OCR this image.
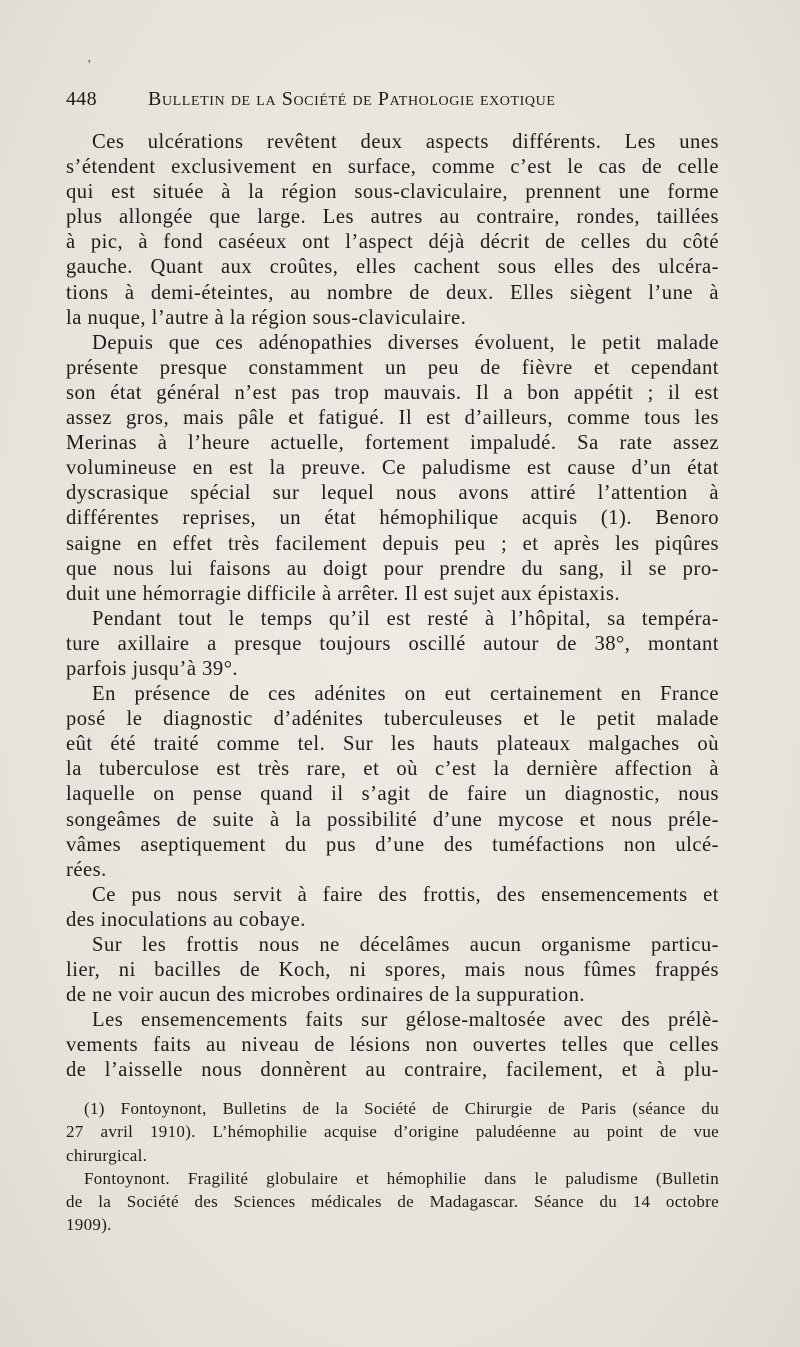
'
448	Bulletin de la Société de Pathologie exotique
Ces ulcérations revêtent deux aspects différents. Les unes
s’étendent exclusivement en surface, comme c’est le cas de celle
qui est située à la région sous-claviculaire, prennent une forme
plus allongée que large. Les autres au contraire, rondes, taillées
à pic, à fond caséeux ont l’aspect déjà décrit de celles du côté
gauche. Quant aux croûtes, elles cachent sous elles des ulcéra-
tions à demi-éteintes, au nombre de deux. Elles siègent l’une à
la nuque, l’autre à la région sous-claviculaire.
Depuis que ces adénopathies diverses évoluent, le petit malade
présente presque constamment un peu de fièvre et cependant
son état général n’est pas trop mauvais. Il a bon appétit ; il est
assez gros, mais pâle et fatigué. Il est d’ailleurs, comme tous les
Merinas à l’heure actuelle, fortement impaludé. Sa rate assez
volumineuse en est la preuve. Ce paludisme est cause d’un état
dyscrasique spécial sur lequel nous avons attiré l’attention à
différentes reprises, un état hémophilique acquis (1). Benoro
saigne en effet très facilement depuis peu ; et après les piqûres
que nous lui faisons au doigt pour prendre du sang, il se pro-
duit une hémorragie difficile à arrêter. Il est sujet aux épistaxis.
Pendant tout le temps qu’il est resté à l’hôpital, sa tempéra-
ture axillaire a presque toujours oscillé autour de 38°, montant
parfois jusqu’à 39°.
En présence de ces adénites on eut certainement en France
posé le diagnostic d’adénites tuberculeuses et le petit malade
eût été traité comme tel. Sur les hauts plateaux malgaches où
la tuberculose est très rare, et où c’est la dernière affection à
laquelle on pense quand il s’agit de faire un diagnostic, nous
songeâmes de suite à la possibilité d’une mycose et nous préle-
vâmes aseptiquement du pus d’une des tuméfactions non ulcé-
rées.
Ce pus nous servit à faire des frottis, des ensemencements et
des inoculations au cobaye.
Sur les frottis nous ne décelâmes aucun organisme particu-
lier, ni bacilles de Koch, ni spores, mais nous fûmes frappés
de ne voir aucun des microbes ordinaires de la suppuration.
Les ensemencements faits sur gélose-maltosée avec des prélè-
vements faits au niveau de lésions non ouvertes telles que celles
de l’aisselle nous donnèrent au contraire, facilement, et à plu-
(1) Fontoynont, Bulletins de la Société de Chirurgie de Paris (séance du
27 avril 1910). L’hémophilie acquise d’origine paludéenne au point de vue
chirurgical.
Fontoynont. Fragilité globulaire et hémophilie dans le paludisme (Bulletin
de la Société des Sciences médicales de Madagascar. Séance du 14 octobre
1909).
